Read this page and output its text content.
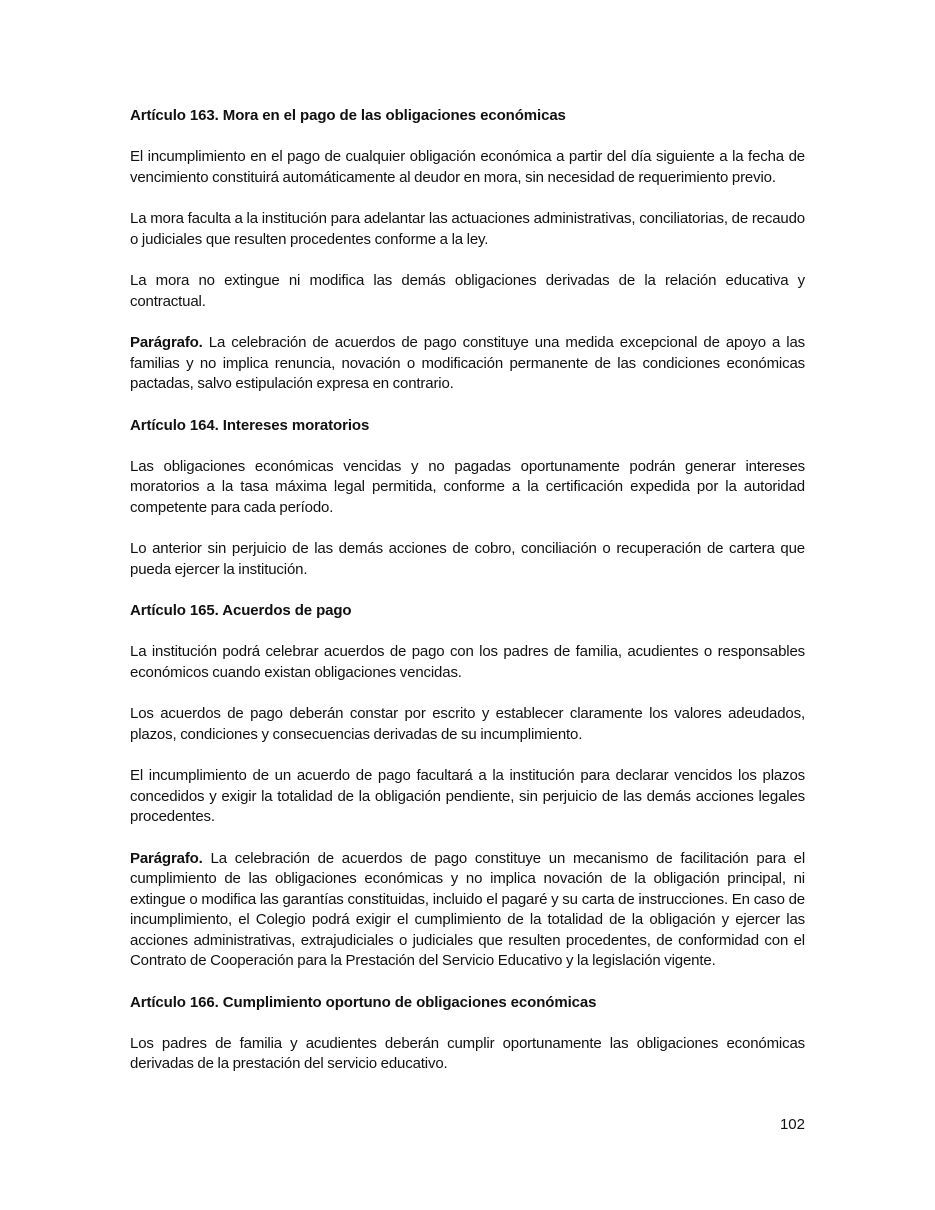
Artículo 163. Mora en el pago de las obligaciones económicas

El incumplimiento en el pago de cualquier obligación económica a partir del día siguiente a la fecha de vencimiento constituirá automáticamente al deudor en mora, sin necesidad de requerimiento previo.

La mora faculta a la institución para adelantar las actuaciones administrativas, conciliatorias, de recaudo o judiciales que resulten procedentes conforme a la ley.

La mora no extingue ni modifica las demás obligaciones derivadas de la relación educativa y contractual.

Parágrafo. La celebración de acuerdos de pago constituye una medida excepcional de apoyo a las familias y no implica renuncia, novación o modificación permanente de las condiciones económicas pactadas, salvo estipulación expresa en contrario.

Artículo 164. Intereses moratorios

Las obligaciones económicas vencidas y no pagadas oportunamente podrán generar intereses moratorios a la tasa máxima legal permitida, conforme a la certificación expedida por la autoridad competente para cada período.

Lo anterior sin perjuicio de las demás acciones de cobro, conciliación o recuperación de cartera que pueda ejercer la institución.

Artículo 165. Acuerdos de pago

La institución podrá celebrar acuerdos de pago con los padres de familia, acudientes o responsables económicos cuando existan obligaciones vencidas.

Los acuerdos de pago deberán constar por escrito y establecer claramente los valores adeudados, plazos, condiciones y consecuencias derivadas de su incumplimiento.

El incumplimiento de un acuerdo de pago facultará a la institución para declarar vencidos los plazos concedidos y exigir la totalidad de la obligación pendiente, sin perjuicio de las demás acciones legales procedentes.

Parágrafo. La celebración de acuerdos de pago constituye un mecanismo de facilitación para el cumplimiento de las obligaciones económicas y no implica novación de la obligación principal, ni extingue o modifica las garantías constituidas, incluido el pagaré y su carta de instrucciones. En caso de incumplimiento, el Colegio podrá exigir el cumplimiento de la totalidad de la obligación y ejercer las acciones administrativas, extrajudiciales o judiciales que resulten procedentes, de conformidad con el Contrato de Cooperación para la Prestación del Servicio Educativo y la legislación vigente.

Artículo 166. Cumplimiento oportuno de obligaciones económicas

Los padres de familia y acudientes deberán cumplir oportunamente las obligaciones económicas derivadas de la prestación del servicio educativo.

102
